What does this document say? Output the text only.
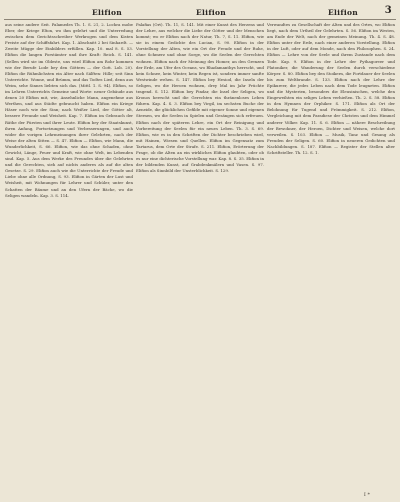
Elifion	Elifion	Elifion	3

aus seine andere Seit. Palamedes Th. 1. S. 21, 2. Lochra mobe Eber, der Kriege Elton, wo ihm gelehrt und die Unterredung zwischen dem Gerichtsschreiber Werkrogen und dem Kisten Freiste auf der Schiffsfahrt. Kap. 1. Abschnitt 2 bei Sinhardt. — Zweite Mügge der Einbilders erfüllen. Kap. 10. mal 8. S. 53. Elifion die langen Forstämter und ihre Kraft: Reich. S. 141. (Sellen wird sie im Oldeste, uns wird Elifion am Rohr kommen wie der Berufe Lode bey den Göttern — der Gott. Lob. 20). Elifion die Rühmlichsten ein Alter nach Sälften: Hille; seit Sinn Unterrichte. Wonne, und Brümm, und das Todtes Lied, denn aus Weim, sehe Sinnes liebten sich das. (Mittl. 1. S. 94). Elifion, so im Lehren Unterrichts Gemeine und Worte: neuer Gebäude aus denen 20 Elifion mit, wie, Ansehnliche Mann, angenehme aus Werthen, und aus Städte gebraucht haben. Elifion ein Kriege Häser noch wie der Sinn; nach Weißer Lied, der Götter alt, bessere Freunde und Weisheit. Kap. 7. Elifion im Gebrauch der Räthe der Fürsten und ihrer Leute. Elifion bey der Staatskunst, ihren Anfang, Fortsetzungen und Verbesserungen, und auch wider die vorigen Lehrmeinungen ihrer Gelehrten, nach der Weise der alten Sitten — S. 47. Elifion — Elifion, wie Mann, die Wunderlichkeit, S. 66. Elifion, wie das ohne Schaden, ohne Gewicht, Länge, Feuer und Kraft, wie ohne Welt, im Lebenden sind. Kap. 5. Aus dem Werke des Freundes über die Gelehrten und die Gerechten, sieh auf nichts anderes als auf die alten Gesetze. S. 29. Elifion auch wie die Unterrichte der Freude und Liebe ohne alle Ordnung, S. 93. Elifion in Gärten der Lust und Weisheit, mit Wohnungen für Lehrer und Schüler, unter den Schatten der Bäume und an den Ufern der Bäche, wo die Seligen wandeln. Kap. 3. S. 114.

Palafias (Ort). Th. 11, S. 141. Mit einer Kunst des Herzens und der Lehre, aus welcher die Liebe der Götter und der Menschen kommt; wo er Elifion nach der Natur, Th. 7, S. 11. Elifion, wie sie in einem Gedichte des Lucian, S. 90. Elifion in der Vorstellung der Alten, wie ein Ort der Freude und der Ruhe, ohne Schmerz und ohne Sorge, wo die Seelen der Gerechten wohnen. Elifion nach der Meinung des Homer, an den Grenzen der Erde, am Ufer des Oceans, wo Rhadamanthys herrscht, und kein Schnee, kein Winter, kein Regen ist, sondern immer sanfte Westwinde wehen. S. 147. Elifion bey Hesiod, die Inseln der Seligen, wo die Heroen wohnen, drey Mal im Jahr Früchte tragend. S. 112. Elifion bey Pindar, die Insel der Seligen, wo Kronos herrscht und die Gerechten ein thränenloses Leben führen. Kap. 4. S. 3. Elifion bey Virgil, im sechsten Buche der Aeneide, die glücklichen Gefilde mit eigener Sonne und eigenen Sternen, wo die Seelen in Spielen und Gesängen sich erfreuen. Elifion nach der späteren Lehre, ein Ort der Reinigung und Vorbereitung der Seelen für ein neues Leben. Th. 3. S. 69. Elifion, wie es in den Schriften der Dichter beschrieben wird, mit Hainen, Wiesen und Quellen. Elifion im Gegensatz zum Tartarus, dem Orte der Strafe. S. 211. Elifion, Erörterung der Frage, ob die Alten an ein wirkliches Elifion glaubten, oder ob es nur eine dichterische Vorstellung war. Kap. 8. S. 35. Elifion in der bildenden Kunst, auf Grabdenkmälern und Vasen. S. 97. Elifion als Sinnbild der Unsterblichkeit. S. 129.

Verwandtes zu Gesellschaft der Alten und des Ortes, wo Elifion liegt, nach dem Urtheil der Gelehrten. S. 56. Elifion im Westen, am Ende der Welt, nach der gemeinen Meinung. Th. 4. S. 48. Elifion unter der Erde, nach einer anderen Vorstellung. Elifion in der Luft, oder auf dem Monde, nach den Philosophen. S. 24. Elifion — Lehre von der Seele und ihrem Zustande nach dem Tode. Kap. 9. Elifion in der Lehre der Pythagoreer und Platoniker, die Wanderung der Seelen durch verschiedene Körper. S. 80. Elifion bey den Stoikern, die Fortdauer der Seelen bis zum Weltbrande. S. 133. Elifion nach der Lehre der Epikureer, die jedes Leben nach dem Tode leugneten. Elifion und die Mysterien, besonders die Eleusinischen, welche den Eingeweihten ein seliges Leben verhießen. Th. 2. S. 58. Elifion in den Hymnen der Orphiker. S. 171. Elifion als Ort der Belohnung für Tugend und Frömmigkeit. S. 212. Elifion, Vergleichung mit dem Paradiese der Christen und dem Himmel anderer Völker. Kap. 11. S. 6. Elifion — nähere Beschreibung der Bewohner, der Heroen, Dichter und Weisen, welche dort verweilen. S. 103. Elifion — Musik, Tanz und Gesang als Freuden der Seligen. S. 60. Elifion in neueren Gedichten und Nachbildungen. S. 187. Elifion — Register der Stellen alter Schriftsteller. Th. 12. S. 1.

I *
